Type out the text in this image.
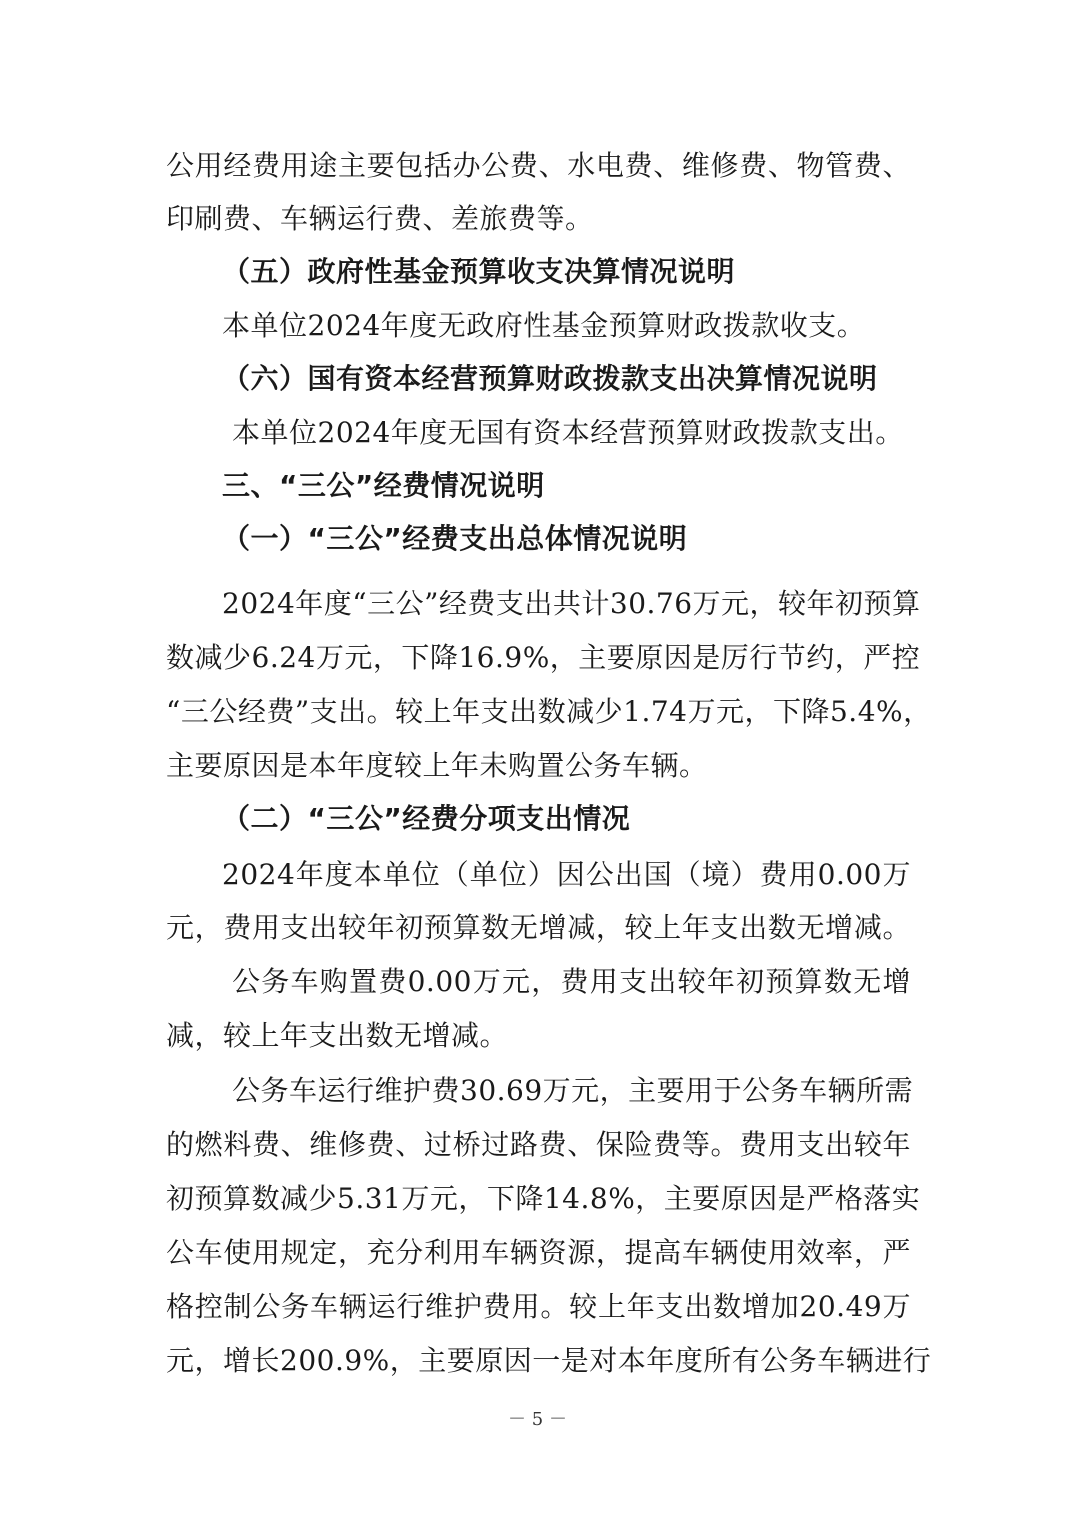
公用经费用途主要包括办公费、水电费、维修费、物管费、
印刷费、车辆运行费、差旅费等。
（五）政府性基金预算收支决算情况说明
本单位2024年度无政府性基金预算财政拨款收支。
（六）国有资本经营预算财政拨款支出决算情况说明
本单位2024年度无国有资本经营预算财政拨款支出。
三、“三公”经费情况说明
（一）“三公”经费支出总体情况说明
2024年度“三公”经费支出共计30.76万元，较年初预算
数减少6.24万元，下降16.9%，主要原因是厉行节约，严控
“三公经费”支出。较上年支出数减少1.74万元，下降5.4%，
主要原因是本年度较上年未购置公务车辆。
（二）“三公”经费分项支出情况
2024年度本单位（单位）因公出国（境）费用0.00万
元，费用支出较年初预算数无增减，较上年支出数无增减。
公务车购置费0.00万元，费用支出较年初预算数无增
减，较上年支出数无增减。
公务车运行维护费30.69万元，主要用于公务车辆所需
的燃料费、维修费、过桥过路费、保险费等。费用支出较年
初预算数减少5.31万元，下降14.8%，主要原因是严格落实
公车使用规定，充分利用车辆资源，提高车辆使用效率，严
格控制公务车辆运行维护费用。较上年支出数增加20.49万
元，增长200.9%，主要原因一是对本年度所有公务车辆进行
－ 5 －
